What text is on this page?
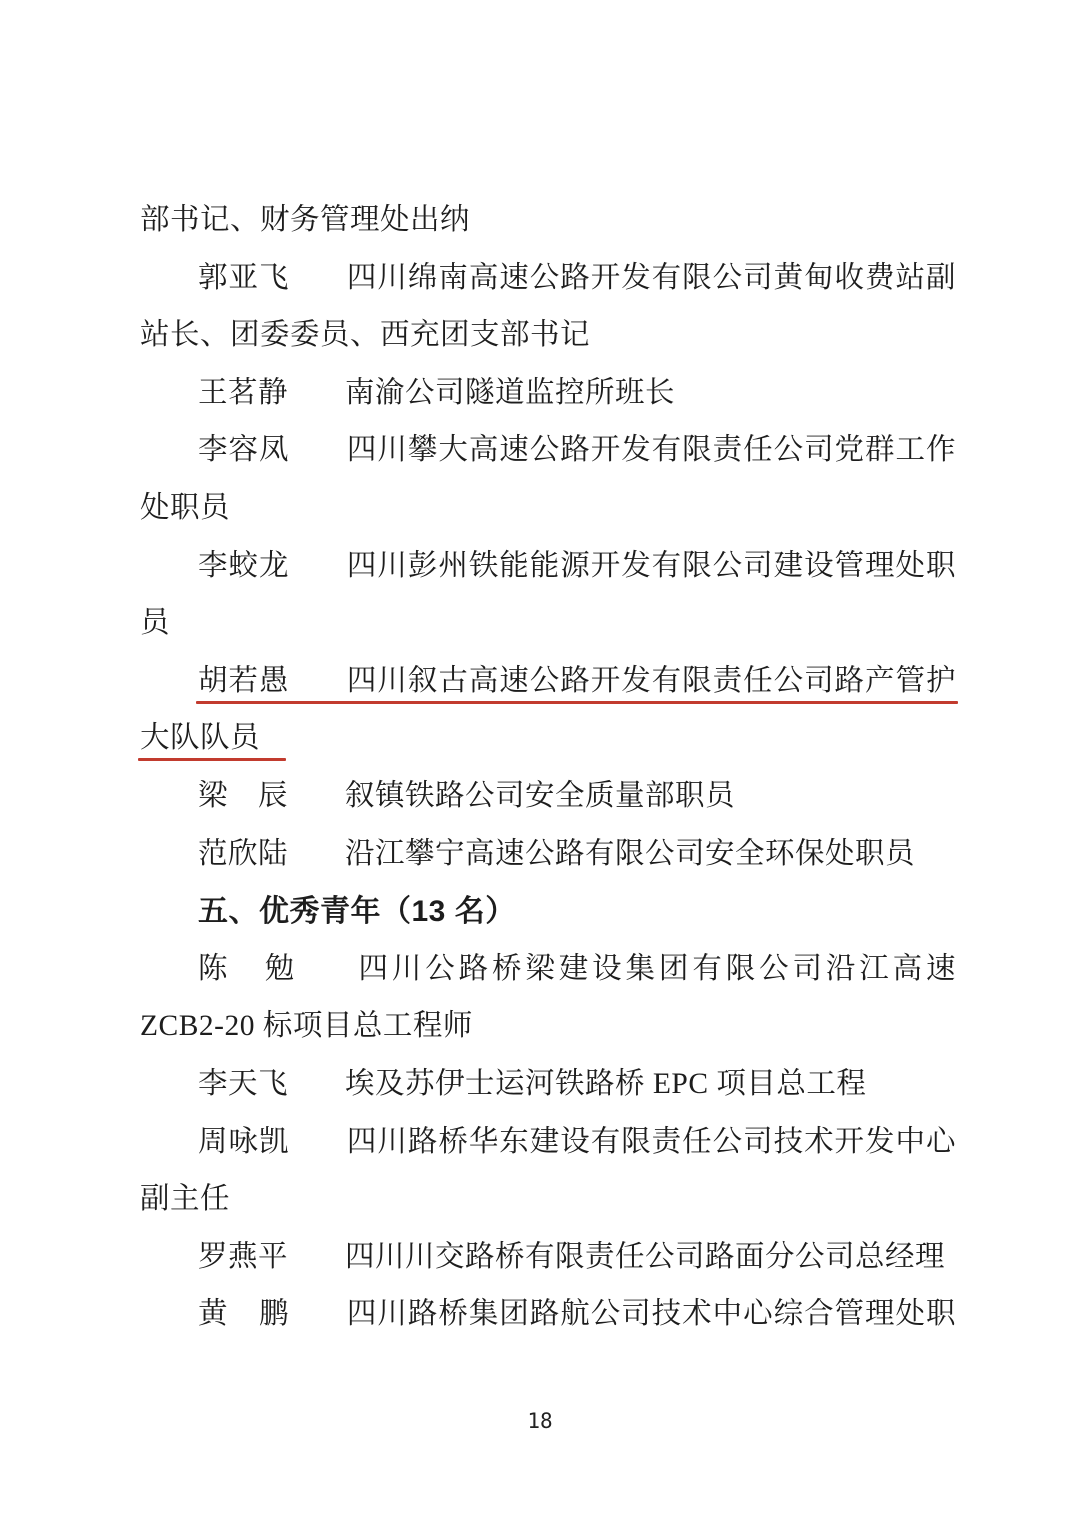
部书记、财务管理处出纳
郭亚飞 四川绵南高速公路开发有限公司黄甸收费站副
站长、团委委员、西充团支部书记
王茗静 南渝公司隧道监控所班长
李容凤 四川攀大高速公路开发有限责任公司党群工作
处职员
李蛟龙 四川彭州铁能能源开发有限公司建设管理处职
员
胡若愚 四川叙古高速公路开发有限责任公司路产管护
大队队员
梁　辰 叙镇铁路公司安全质量部职员
范欣陆 沿江攀宁高速公路有限公司安全环保处职员
五、优秀青年（13 名）
陈　勉 四川公路桥梁建设集团有限公司沿江高速
ZCB2-20 标项目总工程师
李天飞 埃及苏伊士运河铁路桥 EPC 项目总工程
周咏凯 四川路桥华东建设有限责任公司技术开发中心
副主任
罗燕平 四川川交路桥有限责任公司路面分公司总经理
黄　鹏 四川路桥集团路航公司技术中心综合管理处职
18
